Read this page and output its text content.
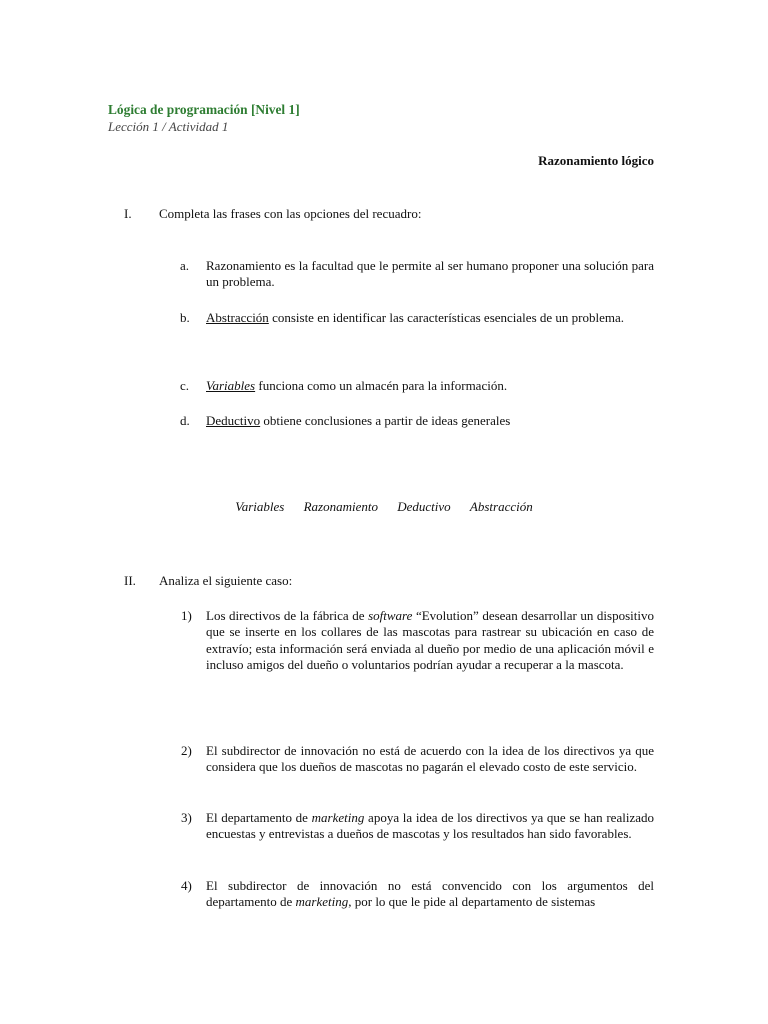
Lógica de programación [Nivel 1]
Lección 1 / Actividad 1
Razonamiento lógico
I. Completa las frases con las opciones del recuadro:
a. Razonamiento es la facultad que le permite al ser humano proponer una solución para un problema.
b. Abstracción consiste en identificar las características esenciales de un problema.
c. Variables funciona como un almacén para la información.
d. Deductivo obtiene conclusiones a partir de ideas generales
Variables Razonamiento Deductivo Abstracción
II. Analiza el siguiente caso:
1) Los directivos de la fábrica de software “Evolution” desean desarrollar un dispositivo que se inserte en los collares de las mascotas para rastrear su ubicación en caso de extravío; esta información será enviada al dueño por medio de una aplicación móvil e incluso amigos del dueño o voluntarios podrían ayudar a recuperar a la mascota.
2) El subdirector de innovación no está de acuerdo con la idea de los directivos ya que considera que los dueños de mascotas no pagarán el elevado costo de este servicio.
3) El departamento de marketing apoya la idea de los directivos ya que se han realizado encuestas y entrevistas a dueños de mascotas y los resultados han sido favorables.
4) El subdirector de innovación no está convencido con los argumentos del departamento de marketing, por lo que le pide al departamento de sistemas
